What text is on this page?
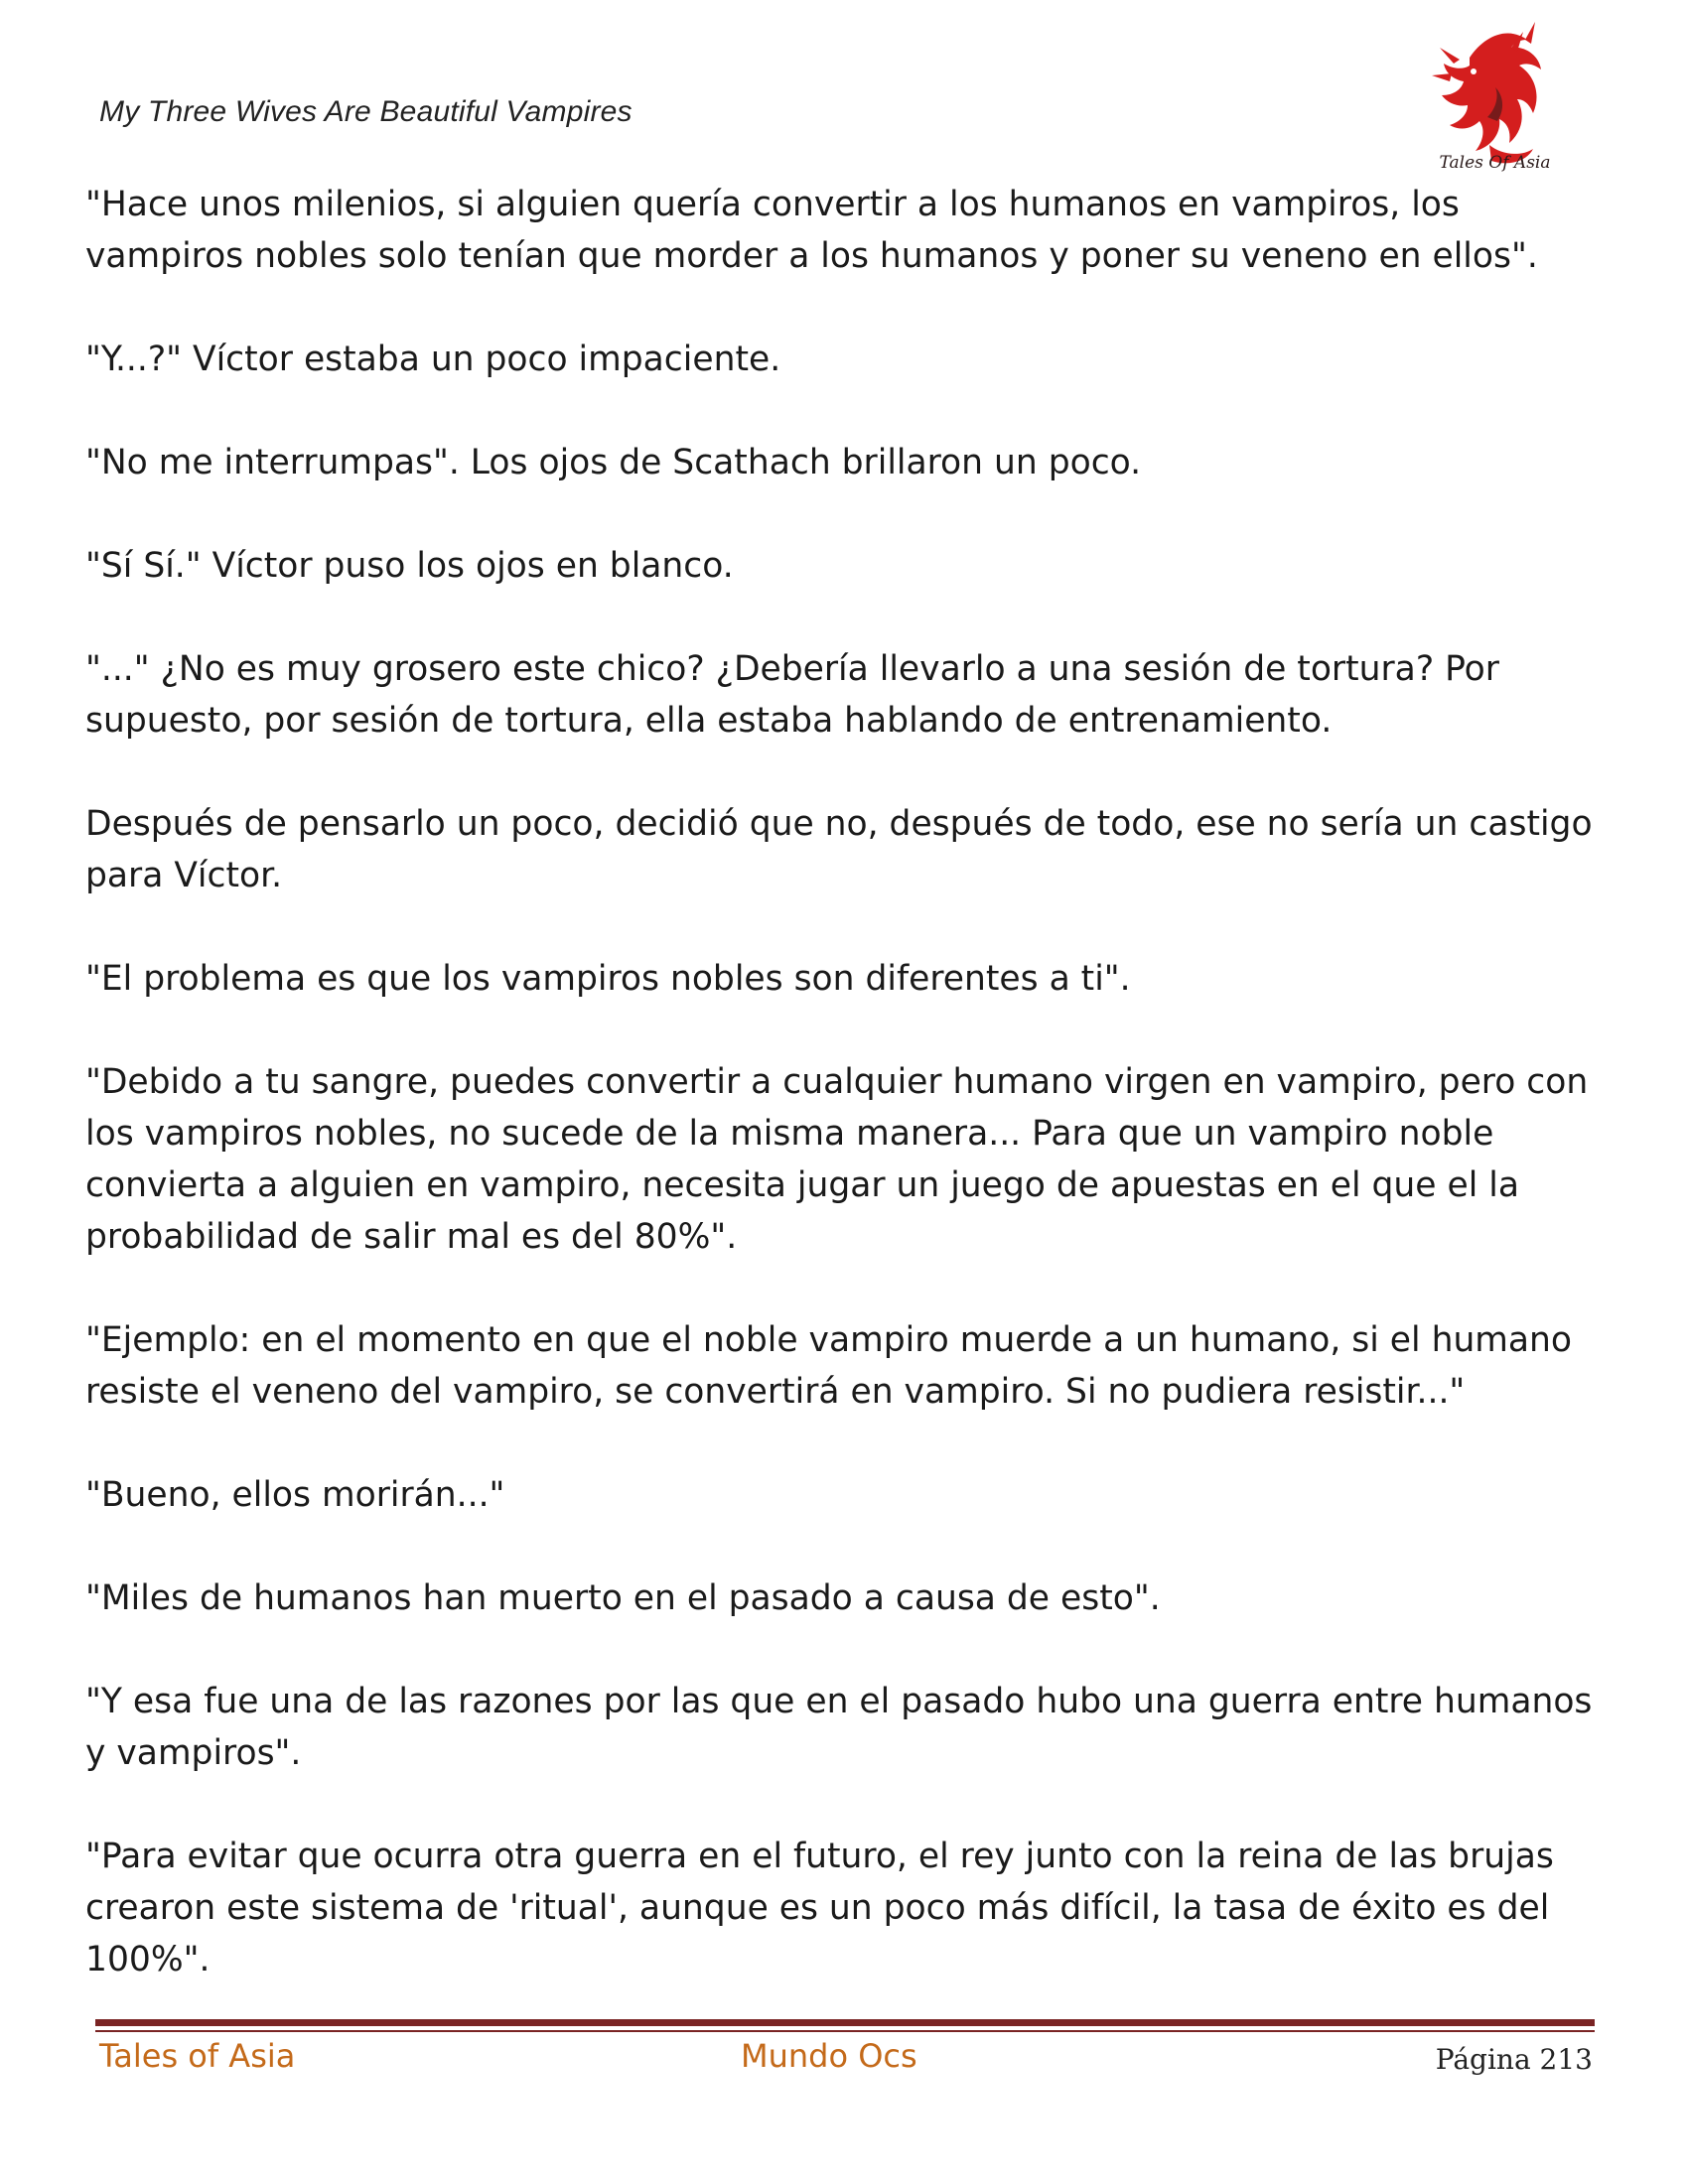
My Three Wives Are Beautiful Vampires
Tales Of Asia

"Hace unos milenios, si alguien quería convertir a los humanos en vampiros, los vampiros nobles solo tenían que morder a los humanos y poner su veneno en ellos".

"Y...?" Víctor estaba un poco impaciente.

"No me interrumpas". Los ojos de Scathach brillaron un poco.

"Sí Sí." Víctor puso los ojos en blanco.

"..." ¿No es muy grosero este chico? ¿Debería llevarlo a una sesión de tortura? Por supuesto, por sesión de tortura, ella estaba hablando de entrenamiento.

Después de pensarlo un poco, decidió que no, después de todo, ese no sería un castigo para Víctor.

"El problema es que los vampiros nobles son diferentes a ti".

"Debido a tu sangre, puedes convertir a cualquier humano virgen en vampiro, pero con los vampiros nobles, no sucede de la misma manera... Para que un vampiro noble convierta a alguien en vampiro, necesita jugar un juego de apuestas en el que el la probabilidad de salir mal es del 80%".

"Ejemplo: en el momento en que el noble vampiro muerde a un humano, si el humano resiste el veneno del vampiro, se convertirá en vampiro. Si no pudiera resistir..."

"Bueno, ellos morirán..."

"Miles de humanos han muerto en el pasado a causa de esto".

"Y esa fue una de las razones por las que en el pasado hubo una guerra entre humanos y vampiros".

"Para evitar que ocurra otra guerra en el futuro, el rey junto con la reina de las brujas crearon este sistema de 'ritual', aunque es un poco más difícil, la tasa de éxito es del 100%".

Tales of Asia	Mundo Ocs	Página 213
